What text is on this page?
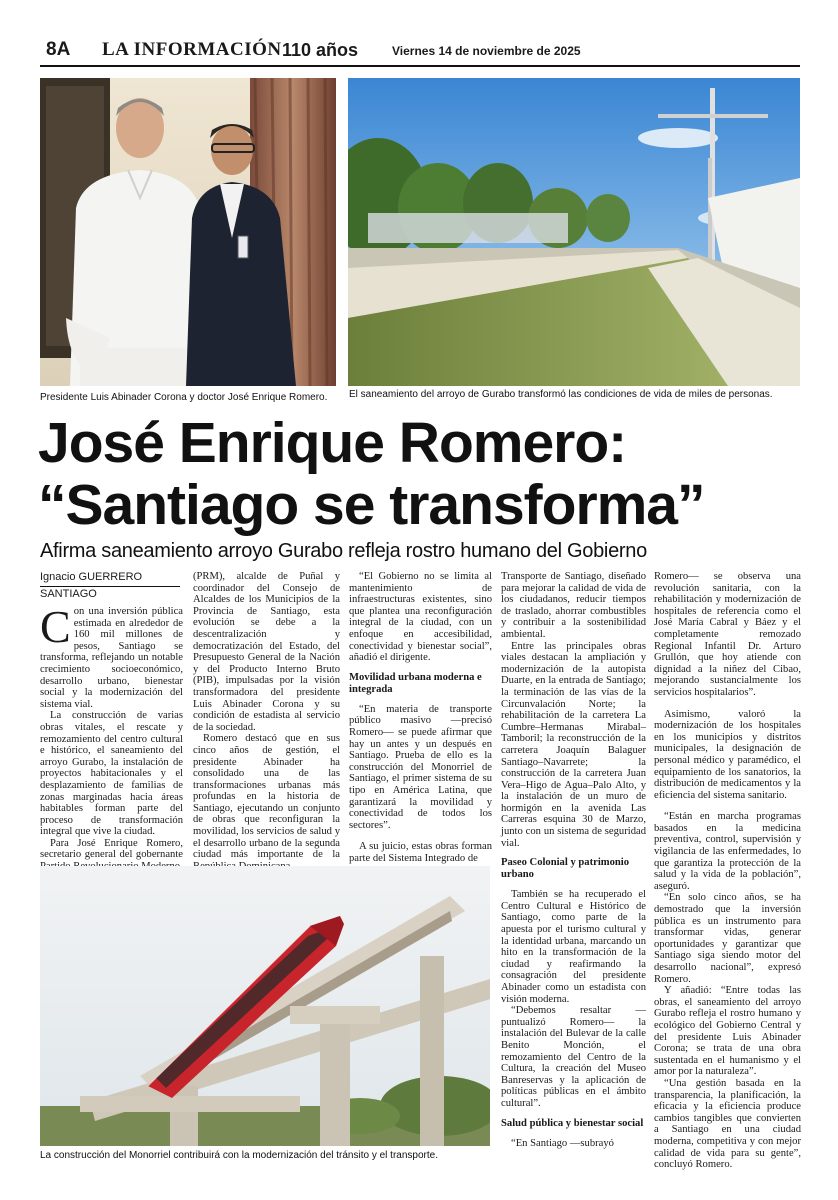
8A LA INFORMACIÓN 110 años	Viernes 14 de noviembre de 2025
Presidente Luis Abinader Corona y doctor José Enrique Romero. El saneamiento del arroyo de Gurabo transformó las condiciones de vida de miles de personas.
José Enrique Romero:
“Santiago se transforma”
Afirma saneamiento arroyo Gurabo refleja rostro humano del Gobierno
Ignacio GUERRERO
SANTIAGO

Con una inversión pública estimada en alrededor de 160 mil millones de pesos, Santiago se transforma, reflejando un notable crecimiento socioeconómico, desarrollo urbano, bienestar social y la modernización del sistema vial.

La construcción de varias obras vitales, el rescate y remozamiento del centro cultural e histórico, el saneamiento del arroyo Gurabo, la instalación de proyectos habitacionales y el desplazamiento de familias de zonas marginadas hacia áreas habitables forman parte del proceso de transformación integral que vive la ciudad.

Para José Enrique Romero, secretario general del gobernante

(PRM), alcalde de Puñal y coordinador del Consejo de Alcaldes de los Municipios de la Provincia de Santiago, esta evolución se debe a la descentralización y democratización del Estado, del Presupuesto General de la Nación y del Producto Interno Bruto (PIB), impulsadas por la visión transformadora del presidente Luis Abinader Corona y su condición de estadista al servicio de la sociedad.

Romero destacó que en sus cinco años de gestión, el presidente Abinader ha consolidado una de las transformaciones urbanas más profundas en la historia de Santiago, ejecutando un conjunto de obras que reconfiguran la movilidad, los servicios de salud y el desarrollo urbano de la segunda ciudad más importante de la

“El Gobierno no se limita al mantenimiento de infraestructuras existentes, sino que plantea una reconfiguración integral de la ciudad, con un enfoque en accesibilidad, conectividad y bienestar social”, añadió el dirigente.

Movilidad urbana moderna e integrada

“En materia de transporte público masivo —precisó Romero— se puede afirmar que hay un antes y un después en Santiago. Prueba de ello es la construcción del Monorriel de Santiago, el primer sistema de su tipo en América Latina, que garantizará la movilidad y conectividad de todos los sectores”.

A su juicio, estas obras forman parte del Sistema Integrado de

Transporte de Santiago, diseñado para mejorar la calidad de vida de los ciudadanos, reducir tiempos de traslado, ahorrar combustibles y contribuir a la sostenibilidad ambiental.

Entre las principales obras viales destacan la ampliación y modernización de la autopista Duarte, en la entrada de Santiago; la terminación de las vías de la Circunvalación Norte; la rehabilitación de la carretera La Cumbre–Hermanas Mirabal–Tamboril; la reconstrucción de la carretera Joaquín Balaguer Santiago–Navarrete; la construcción de la carretera Juan Vera–Higo de Agua–Palo Alto, y la instalación de un muro de hormigón en la avenida Las Carreras esquina 30 de Marzo, junto con un sistema de seguridad vial.

Paseo Colonial y patrimonio urbano

También se ha recuperado el Centro Cultural e Histórico de Santiago, como parte de la apuesta por el turismo cultural y la identidad urbana, marcando un hito en la transformación de la ciudad y reafirmando la consagración del presidente Abinader como un estadista con visión moderna.

“Debemos resaltar —puntualizó Romero— la instalación del Bulevar de la calle Benito Monción, el remozamiento del Centro de la Cultura, la creación del Museo Banreservas y la aplicación de políticas públicas en el ámbito cultural”.

Salud pública y bienestar social

“En Santiago —subrayó

Romero— se observa una revolución sanitaria, con la rehabilitación y modernización de hospitales de referencia como el José María Cabral y Báez y el completamente remozado Regional Infantil Dr. Arturo Grullón, que hoy atiende con dignidad a la niñez del Cibao, mejorando sustancialmente los servicios hospitalarios”.

Asimismo, valoró la modernización de los hospitales en los municipios y distritos municipales, la designación de personal médico y paramédico, el equipamiento de los sanatorios, la distribución de medicamentos y la eficiencia del sistema sanitario.

“Están en marcha programas basados en la medicina preventiva, control, supervisión y vigilancia de las enfermedades, lo que garantiza la protección de la salud y la vida de la población”, aseguró.

“En solo cinco años, se ha demostrado que la inversión pública es un instrumento para transformar vidas, generar oportunidades y garantizar que Santiago siga siendo motor del desarrollo nacional”, expresó Romero.

Y añadió: “Entre todas las obras, el saneamiento del arroyo Gurabo refleja el rostro humano y ecológico del Gobierno Central y del presidente Luis Abinader Corona; se trata de una obra sustentada en el humanismo y el amor por la naturaleza”.

“Una gestión basada en la transparencia, la planificación, la eficacia y la eficiencia produce cambios tangibles que convierten a Santiago en una ciudad moderna, competitiva y con mejor calidad de vida para su gente”, concluyó Romero.

La construcción del Monorriel contribuirá con la modernización del tránsito y el transporte.
